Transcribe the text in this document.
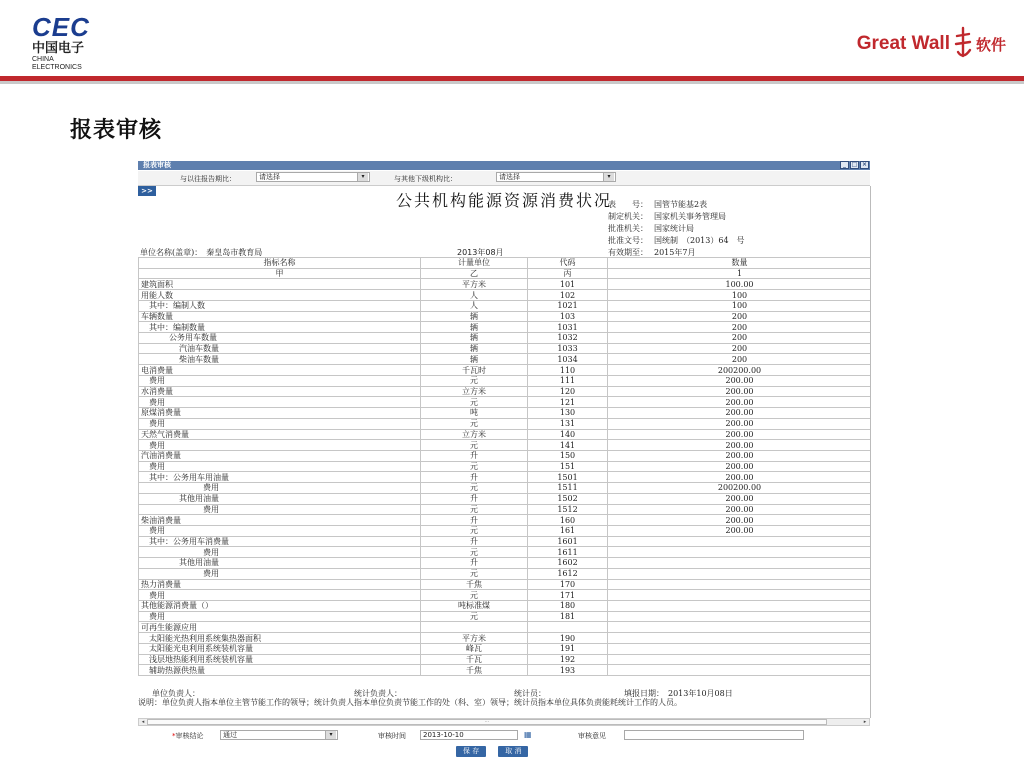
CEC
中国电子
CHINA ELECTRONICS
Great Wall 软件
报表审核
报表审核	_ □ ×
与以往报告期比：	请选择	▾	与其他下级机构比：	请选择	▾
>>	公共机构能源资源消费状况
表　　号： 国管节能基2表
制定机关： 国家机关事务管理局
批准机关： 国家统计局
批准文号： 国统制　（2013）64　号
有效期至： 2015年7月
单位名称(盖章)：　秦皇岛市教育局	2013年08月
指标名称	计量单位	代码	数量
甲	乙	丙	1
建筑面积	平方米	101	100.00
用能人数	人	102	100
其中：编制人数	人	1021	100
车辆数量	辆	103	200
其中：编制数量	辆	1031	200
公务用车数量	辆	1032	200
汽油车数量	辆	1033	200
柴油车数量	辆	1034	200
电消费量	千瓦时	110	200200.00
费用	元	111	200.00
水消费量	立方米	120	200.00
费用	元	121	200.00
原煤消费量	吨	130	200.00
费用	元	131	200.00
天然气消费量	立方米	140	200.00
费用	元	141	200.00
汽油消费量	升	150	200.00
费用	元	151	200.00
其中：公务用车用油量	升	1501	200.00
费用	元	1511	200200.00
其他用油量	升	1502	200.00
费用	元	1512	200.00
柴油消费量	升	160	200.00
费用	元	161	200.00
其中：公务用车消费量	升	1601	
费用	元	1611	
其他用油量	升	1602	
费用	元	1612	
热力消费量	千焦	170	
费用	元	171	
其他能源消费量（）	吨标准煤	180	
费用	元	181	
可再生能源应用			
太阳能光热利用系统集热器面积	平方米	190	
太阳能光电利用系统装机容量	峰瓦	191	
浅层地热能利用系统装机容量	千瓦	192	
辅助热源供热量	千焦	193	
单位负责人：	统计负责人：	统计员：	填报日期：　2013年10月08日
说明：单位负责人指本单位主管节能工作的领导；统计负责人指本单位负责节能工作的处（科、室）领导；统计员指本单位具体负责能耗统计工作的人员。
◂	⋯	▸
*审核结论	通过	▾	审核时间	2013-10-10	▦	审核意见
保 存	取 消
